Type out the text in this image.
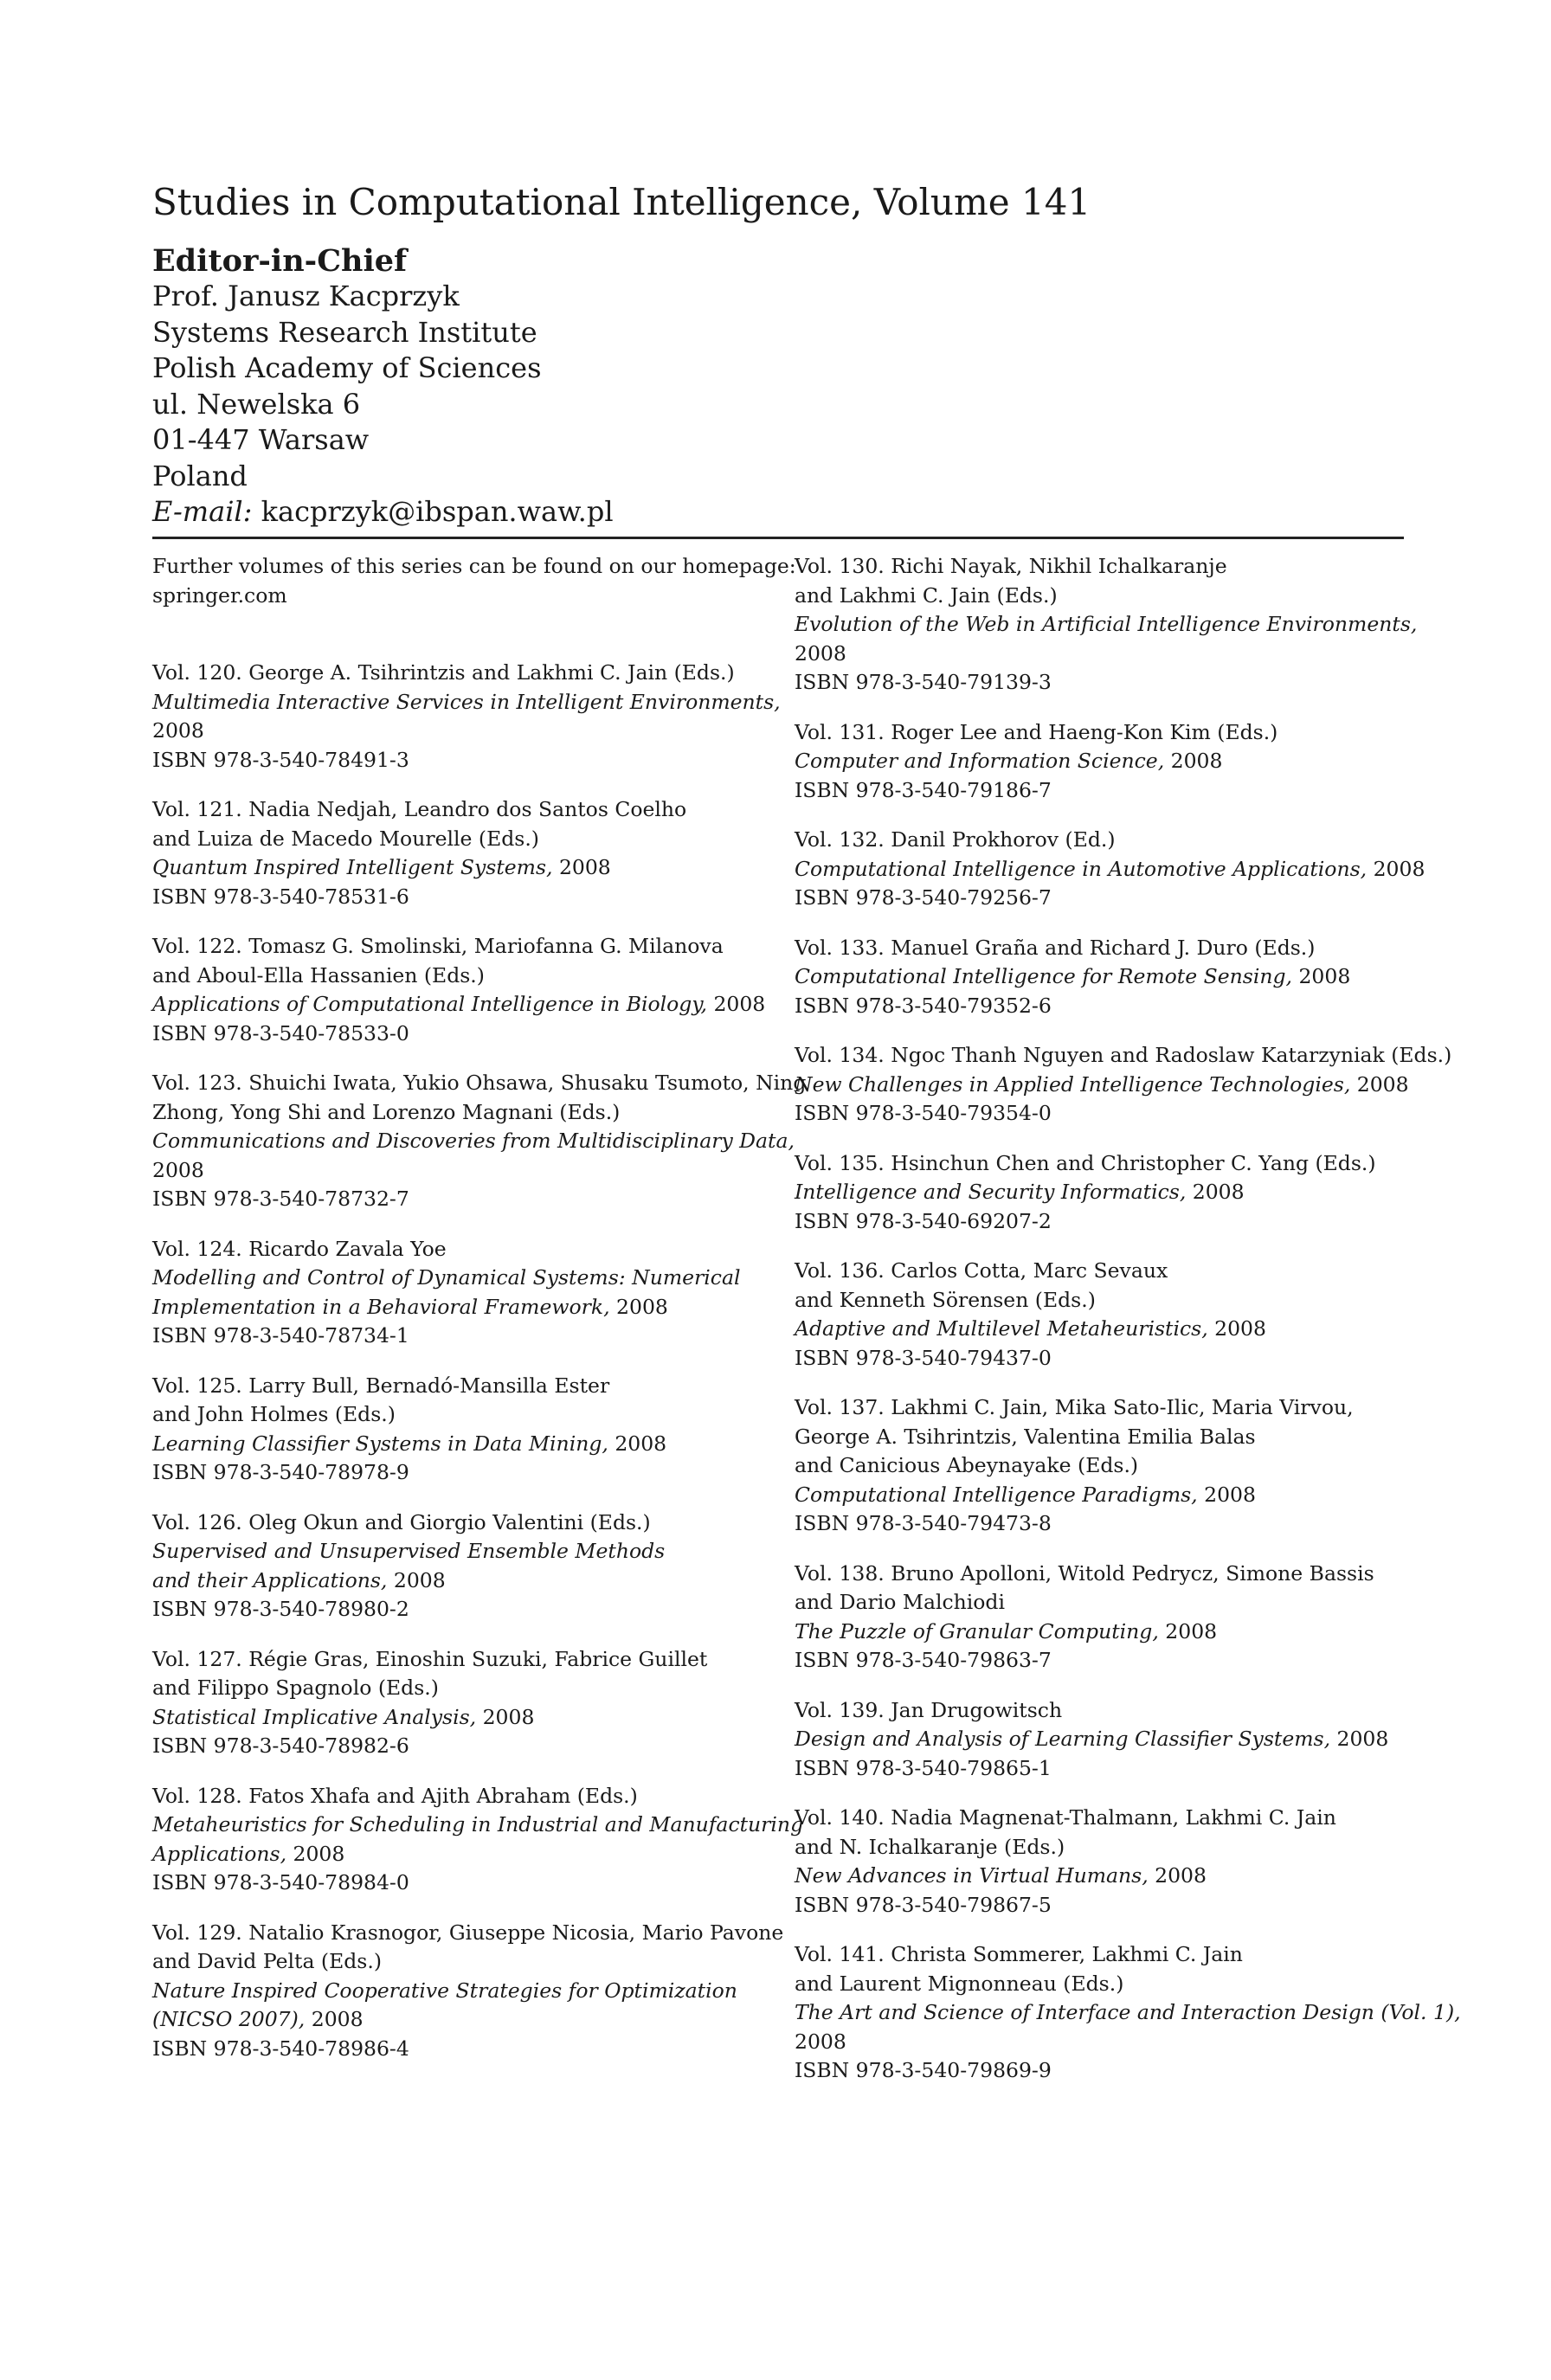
Studies in Computational Intelligence, Volume 141
Editor-in-Chief
Prof. Janusz Kacprzyk
Systems Research Institute
Polish Academy of Sciences
ul. Newelska 6
01-447 Warsaw
Poland
E-mail: kacprzyk@ibspan.waw.pl
Further volumes of this series can be found on our homepage:
springer.com
Vol. 120. George A. Tsihrintzis and Lakhmi C. Jain (Eds.)
Multimedia Interactive Services in Intelligent Environments,
2008
ISBN 978-3-540-78491-3
Vol. 121. Nadia Nedjah, Leandro dos Santos Coelho
and Luiza de Macedo Mourelle (Eds.)
Quantum Inspired Intelligent Systems, 2008
ISBN 978-3-540-78531-6
Vol. 122. Tomasz G. Smolinski, Mariofanna G. Milanova
and Aboul-Ella Hassanien (Eds.)
Applications of Computational Intelligence in Biology, 2008
ISBN 978-3-540-78533-0
Vol. 123. Shuichi Iwata, Yukio Ohsawa, Shusaku Tsumoto, Ning
Zhong, Yong Shi and Lorenzo Magnani (Eds.)
Communications and Discoveries from Multidisciplinary Data,
2008
ISBN 978-3-540-78732-7
Vol. 124. Ricardo Zavala Yoe
Modelling and Control of Dynamical Systems: Numerical
Implementation in a Behavioral Framework, 2008
ISBN 978-3-540-78734-1
Vol. 125. Larry Bull, Bernadó-Mansilla Ester
and John Holmes (Eds.)
Learning Classifier Systems in Data Mining, 2008
ISBN 978-3-540-78978-9
Vol. 126. Oleg Okun and Giorgio Valentini (Eds.)
Supervised and Unsupervised Ensemble Methods
and their Applications, 2008
ISBN 978-3-540-78980-2
Vol. 127. Régie Gras, Einoshin Suzuki, Fabrice Guillet
and Filippo Spagnolo (Eds.)
Statistical Implicative Analysis, 2008
ISBN 978-3-540-78982-6
Vol. 128. Fatos Xhafa and Ajith Abraham (Eds.)
Metaheuristics for Scheduling in Industrial and Manufacturing
Applications, 2008
ISBN 978-3-540-78984-0
Vol. 129. Natalio Krasnogor, Giuseppe Nicosia, Mario Pavone
and David Pelta (Eds.)
Nature Inspired Cooperative Strategies for Optimization
(NICSO 2007), 2008
ISBN 978-3-540-78986-4
Vol. 130. Richi Nayak, Nikhil Ichalkaranje
and Lakhmi C. Jain (Eds.)
Evolution of the Web in Artificial Intelligence Environments,
2008
ISBN 978-3-540-79139-3
Vol. 131. Roger Lee and Haeng-Kon Kim (Eds.)
Computer and Information Science, 2008
ISBN 978-3-540-79186-7
Vol. 132. Danil Prokhorov (Ed.)
Computational Intelligence in Automotive Applications, 2008
ISBN 978-3-540-79256-7
Vol. 133. Manuel Graña and Richard J. Duro (Eds.)
Computational Intelligence for Remote Sensing, 2008
ISBN 978-3-540-79352-6
Vol. 134. Ngoc Thanh Nguyen and Radoslaw Katarzyniak (Eds.)
New Challenges in Applied Intelligence Technologies, 2008
ISBN 978-3-540-79354-0
Vol. 135. Hsinchun Chen and Christopher C. Yang (Eds.)
Intelligence and Security Informatics, 2008
ISBN 978-3-540-69207-2
Vol. 136. Carlos Cotta, Marc Sevaux
and Kenneth Sörensen (Eds.)
Adaptive and Multilevel Metaheuristics, 2008
ISBN 978-3-540-79437-0
Vol. 137. Lakhmi C. Jain, Mika Sato-Ilic, Maria Virvou,
George A. Tsihrintzis, Valentina Emilia Balas
and Canicious Abeynayake (Eds.)
Computational Intelligence Paradigms, 2008
ISBN 978-3-540-79473-8
Vol. 138. Bruno Apolloni, Witold Pedrycz, Simone Bassis
and Dario Malchiodi
The Puzzle of Granular Computing, 2008
ISBN 978-3-540-79863-7
Vol. 139. Jan Drugowitsch
Design and Analysis of Learning Classifier Systems, 2008
ISBN 978-3-540-79865-1
Vol. 140. Nadia Magnenat-Thalmann, Lakhmi C. Jain
and N. Ichalkaranje (Eds.)
New Advances in Virtual Humans, 2008
ISBN 978-3-540-79867-5
Vol. 141. Christa Sommerer, Lakhmi C. Jain
and Laurent Mignonneau (Eds.)
The Art and Science of Interface and Interaction Design (Vol. 1),
2008
ISBN 978-3-540-79869-9
